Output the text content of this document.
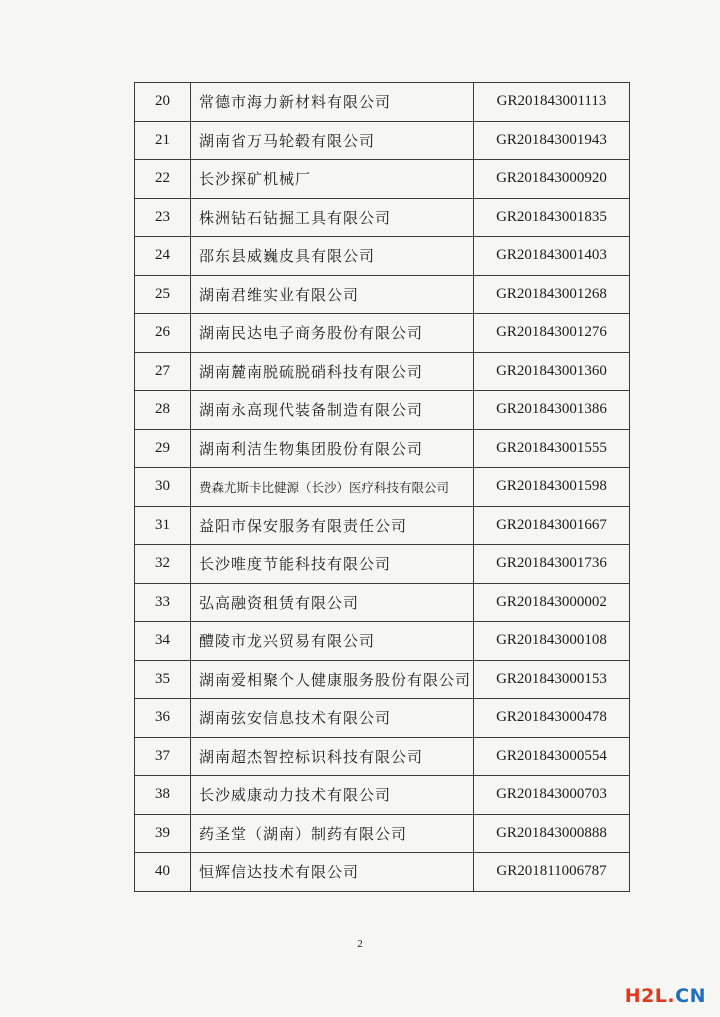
20	常德市海力新材料有限公司	GR201843001113
21	湖南省万马轮毂有限公司	GR201843001943
22	长沙探矿机械厂	GR201843000920
23	株洲钻石钻掘工具有限公司	GR201843001835
24	邵东县威巍皮具有限公司	GR201843001403
25	湖南君维实业有限公司	GR201843001268
26	湖南民达电子商务股份有限公司	GR201843001276
27	湖南麓南脱硫脱硝科技有限公司	GR201843001360
28	湖南永高现代装备制造有限公司	GR201843001386
29	湖南利洁生物集团股份有限公司	GR201843001555
30	费森尤斯卡比健源（长沙）医疗科技有限公司	GR201843001598
31	益阳市保安服务有限责任公司	GR201843001667
32	长沙唯度节能科技有限公司	GR201843001736
33	弘高融资租赁有限公司	GR201843000002
34	醴陵市龙兴贸易有限公司	GR201843000108
35	湖南爱相聚个人健康服务股份有限公司	GR201843000153
36	湖南弦安信息技术有限公司	GR201843000478
37	湖南超杰智控标识科技有限公司	GR201843000554
38	长沙威康动力技术有限公司	GR201843000703
39	药圣堂（湖南）制药有限公司	GR201843000888
40	恒辉信达技术有限公司	GR201811006787
2
H2L.CN
